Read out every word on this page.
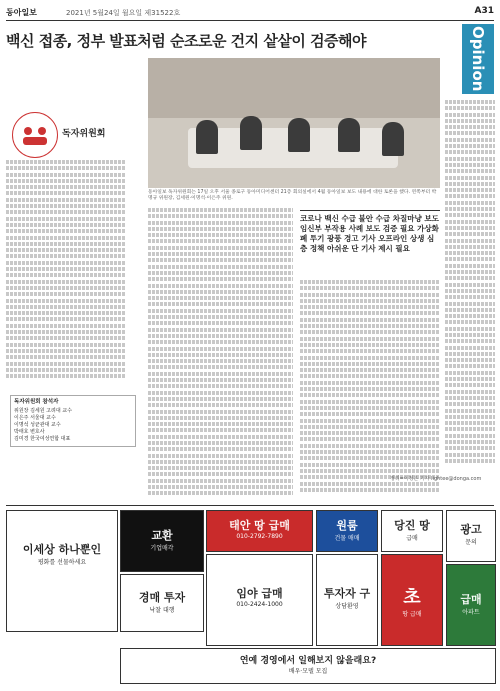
동아일보	2021년 5월24일 월요일 제31522호	A31
백신 접종, 정부 발표처럼 순조로운 건지 샅샅이 검증해야	Opinion
동아일보 독자위원회는 17일 오후 서울 종로구 동아미디어센터 21층 회의실에서 4월 동아일보 보도 내용에 대한 토론을 했다. 왼쪽부터 박명규 위원장, 김세원·이명석·이은주 위원.
독자위원회
코로나 백신 수급 불안 수급 차질마냥 보도 임신부 부작용 사례 보도 검증 필요 가상화폐 투기 광풍 경고 기사 오프라인 상생 심층 정책 아쉬운 단 기사 제시 필요
독자위원회 참석자
위원장 김세원 고려대 교수
이은주 서울대 교수
이명석 성균관대 교수
박태호 변호사
김미경 한국여성연합 대표
정리=이정은 기자 lightee@donga.com
이세상 하나뿐인
평화를 선물하세요
태안 땅 급매
010-2792-7890
원룸
건물 매매
당진 땅
급매
광고
문의
교환
기업매각
경매 투자
낙찰 대행
초
땅 급매
투자자 구
상담환영
급매
아파트
임야 급매
010-2424-1000
연예 경영에서 일해보지 않을래요?
배우·모델 모집
